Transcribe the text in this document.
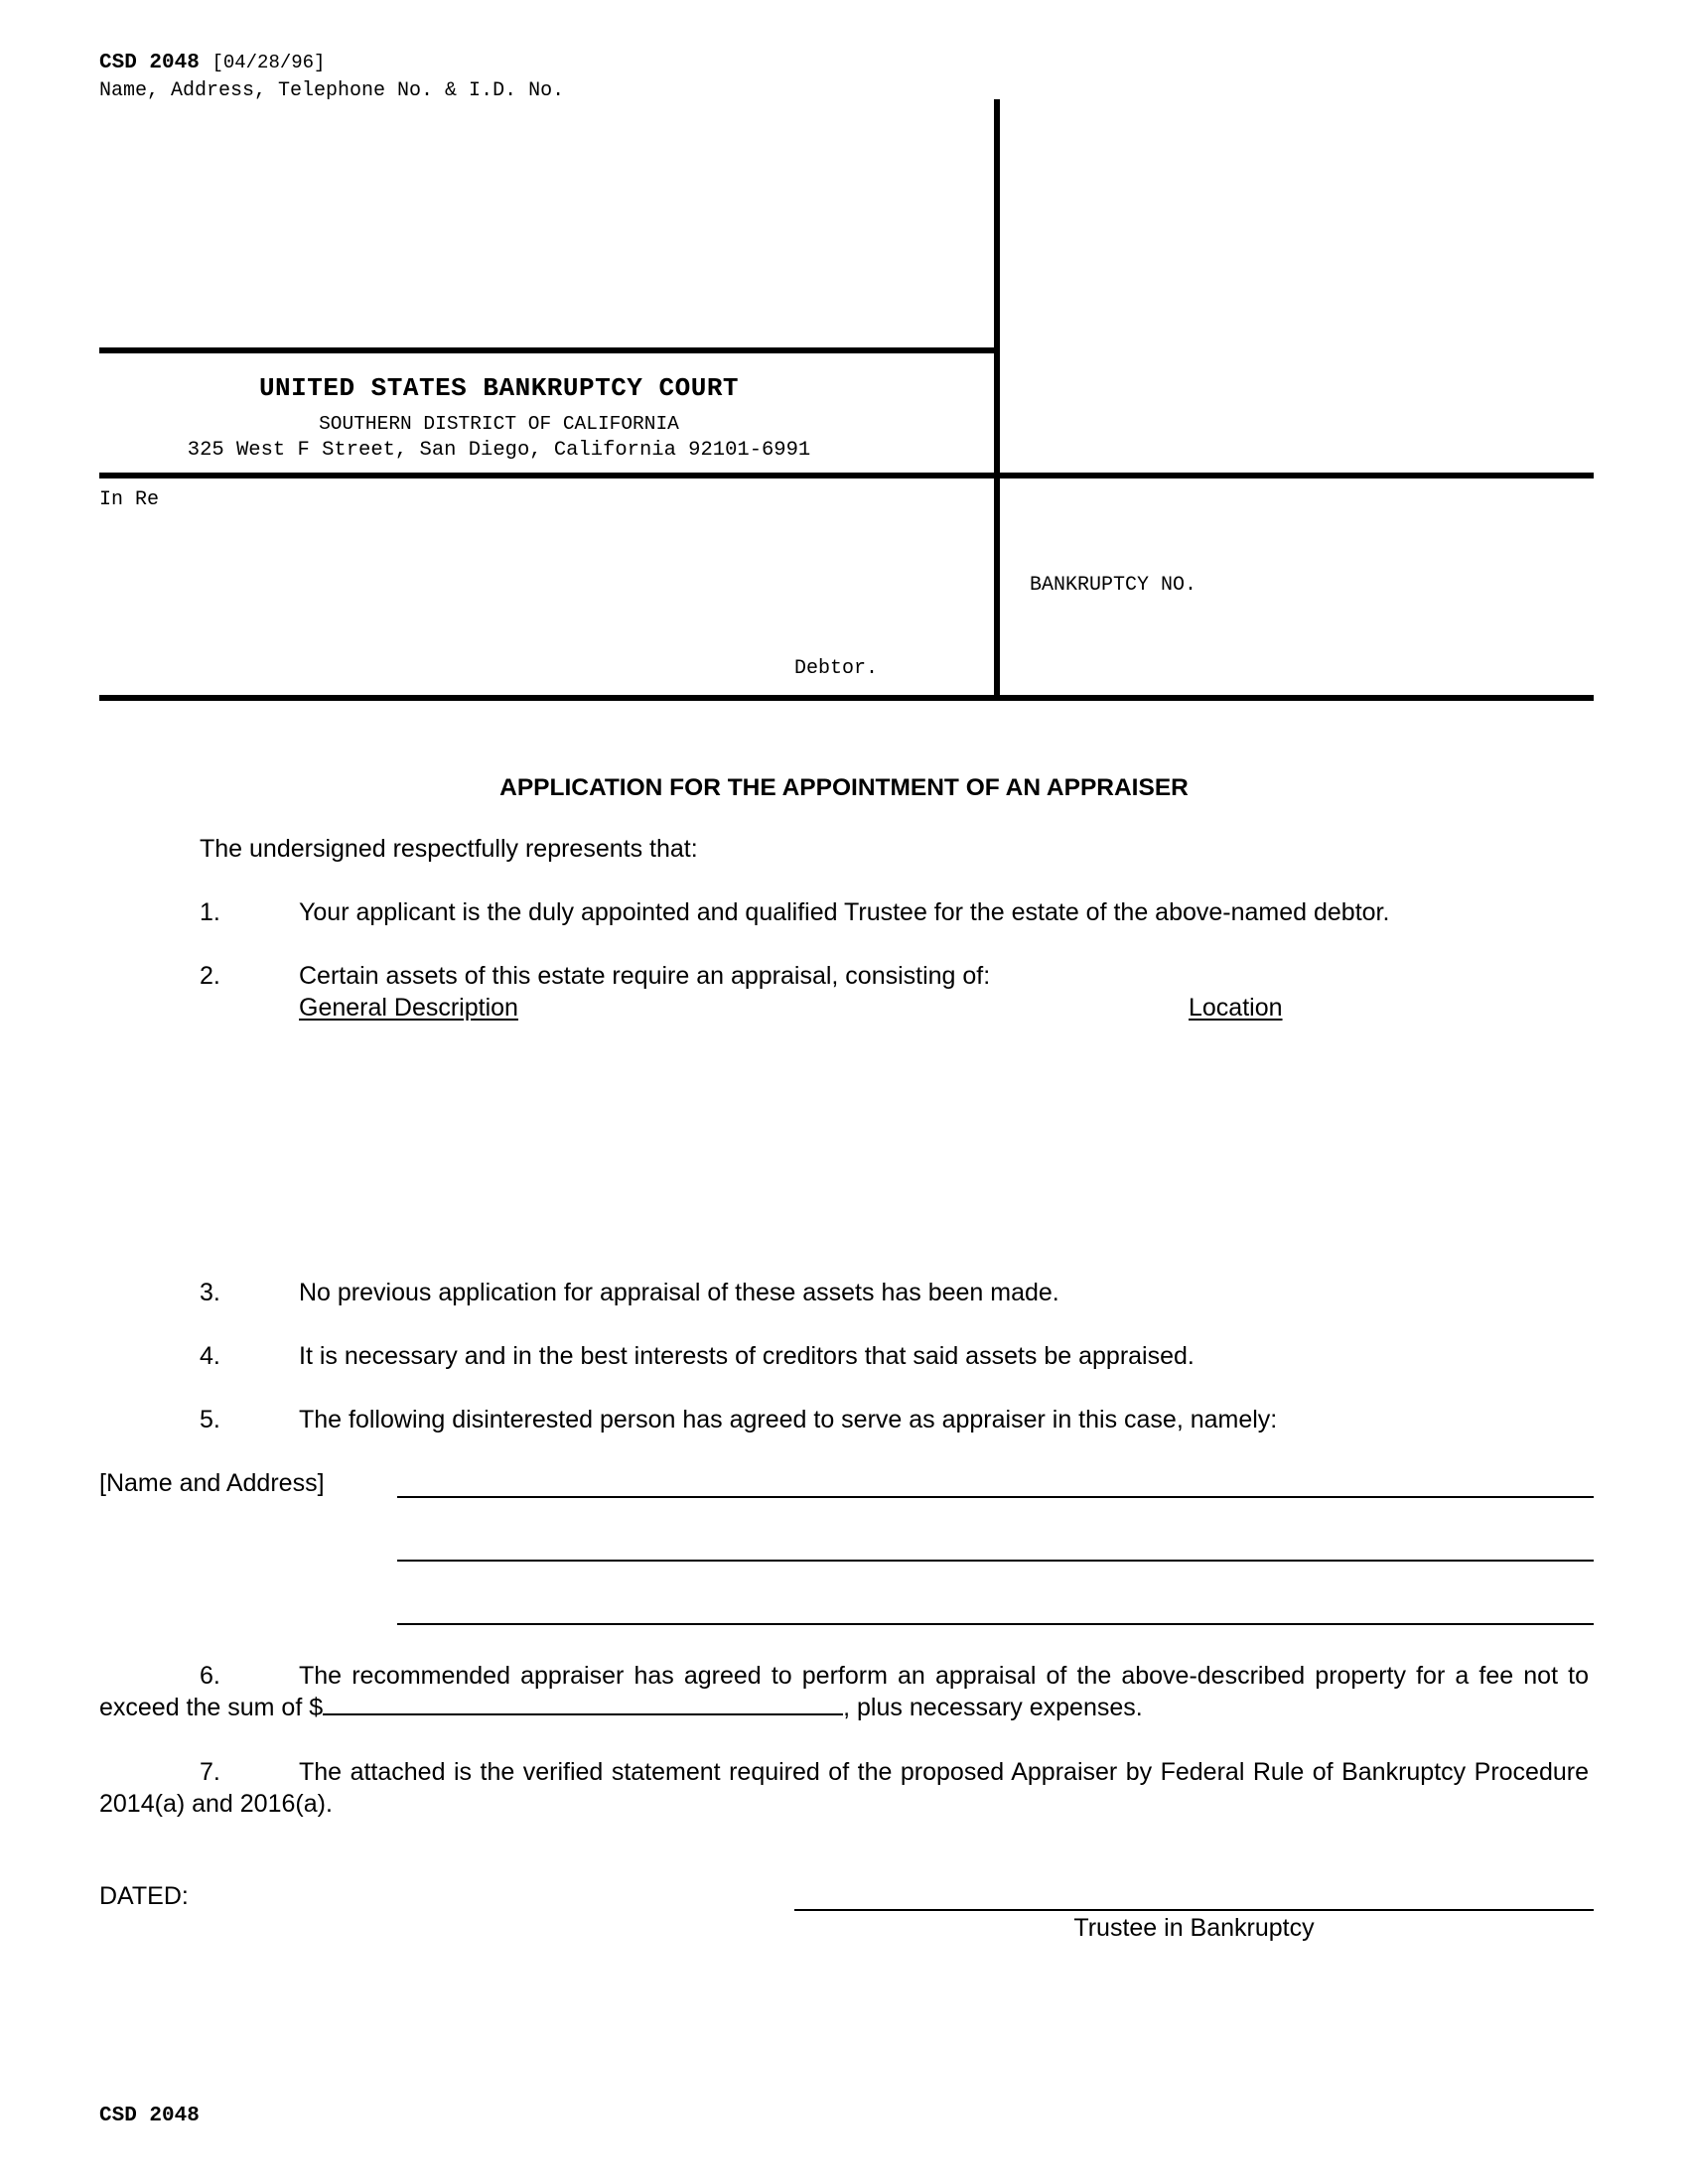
CSD 2048 [04/28/96]
Name, Address, Telephone No. & I.D. No.
UNITED STATES BANKRUPTCY COURT
SOUTHERN DISTRICT OF CALIFORNIA
325 West F Street, San Diego, California 92101-6991
In Re
Debtor.
BANKRUPTCY NO.
APPLICATION FOR THE APPOINTMENT OF AN APPRAISER
The undersigned respectfully represents that:
1.	Your applicant is the duly appointed and qualified Trustee for the estate of the above-named debtor.
2.	Certain assets of this estate require an appraisal, consisting of:
General Description	Location
3.	No previous application for appraisal of these assets has been made.
4.	It is necessary and in the best interests of creditors that said assets be appraised.
5.	The following disinterested person has agreed to serve as appraiser in this case, namely:
[Name and Address]
6.	The recommended appraiser has agreed to perform an appraisal of the above-described property for a fee not to exceed the sum of $	, plus necessary expenses.
7.	The attached is the verified statement required of the proposed Appraiser by Federal Rule of Bankruptcy Procedure 2014(a) and 2016(a).
DATED:
Trustee in Bankruptcy
CSD 2048
